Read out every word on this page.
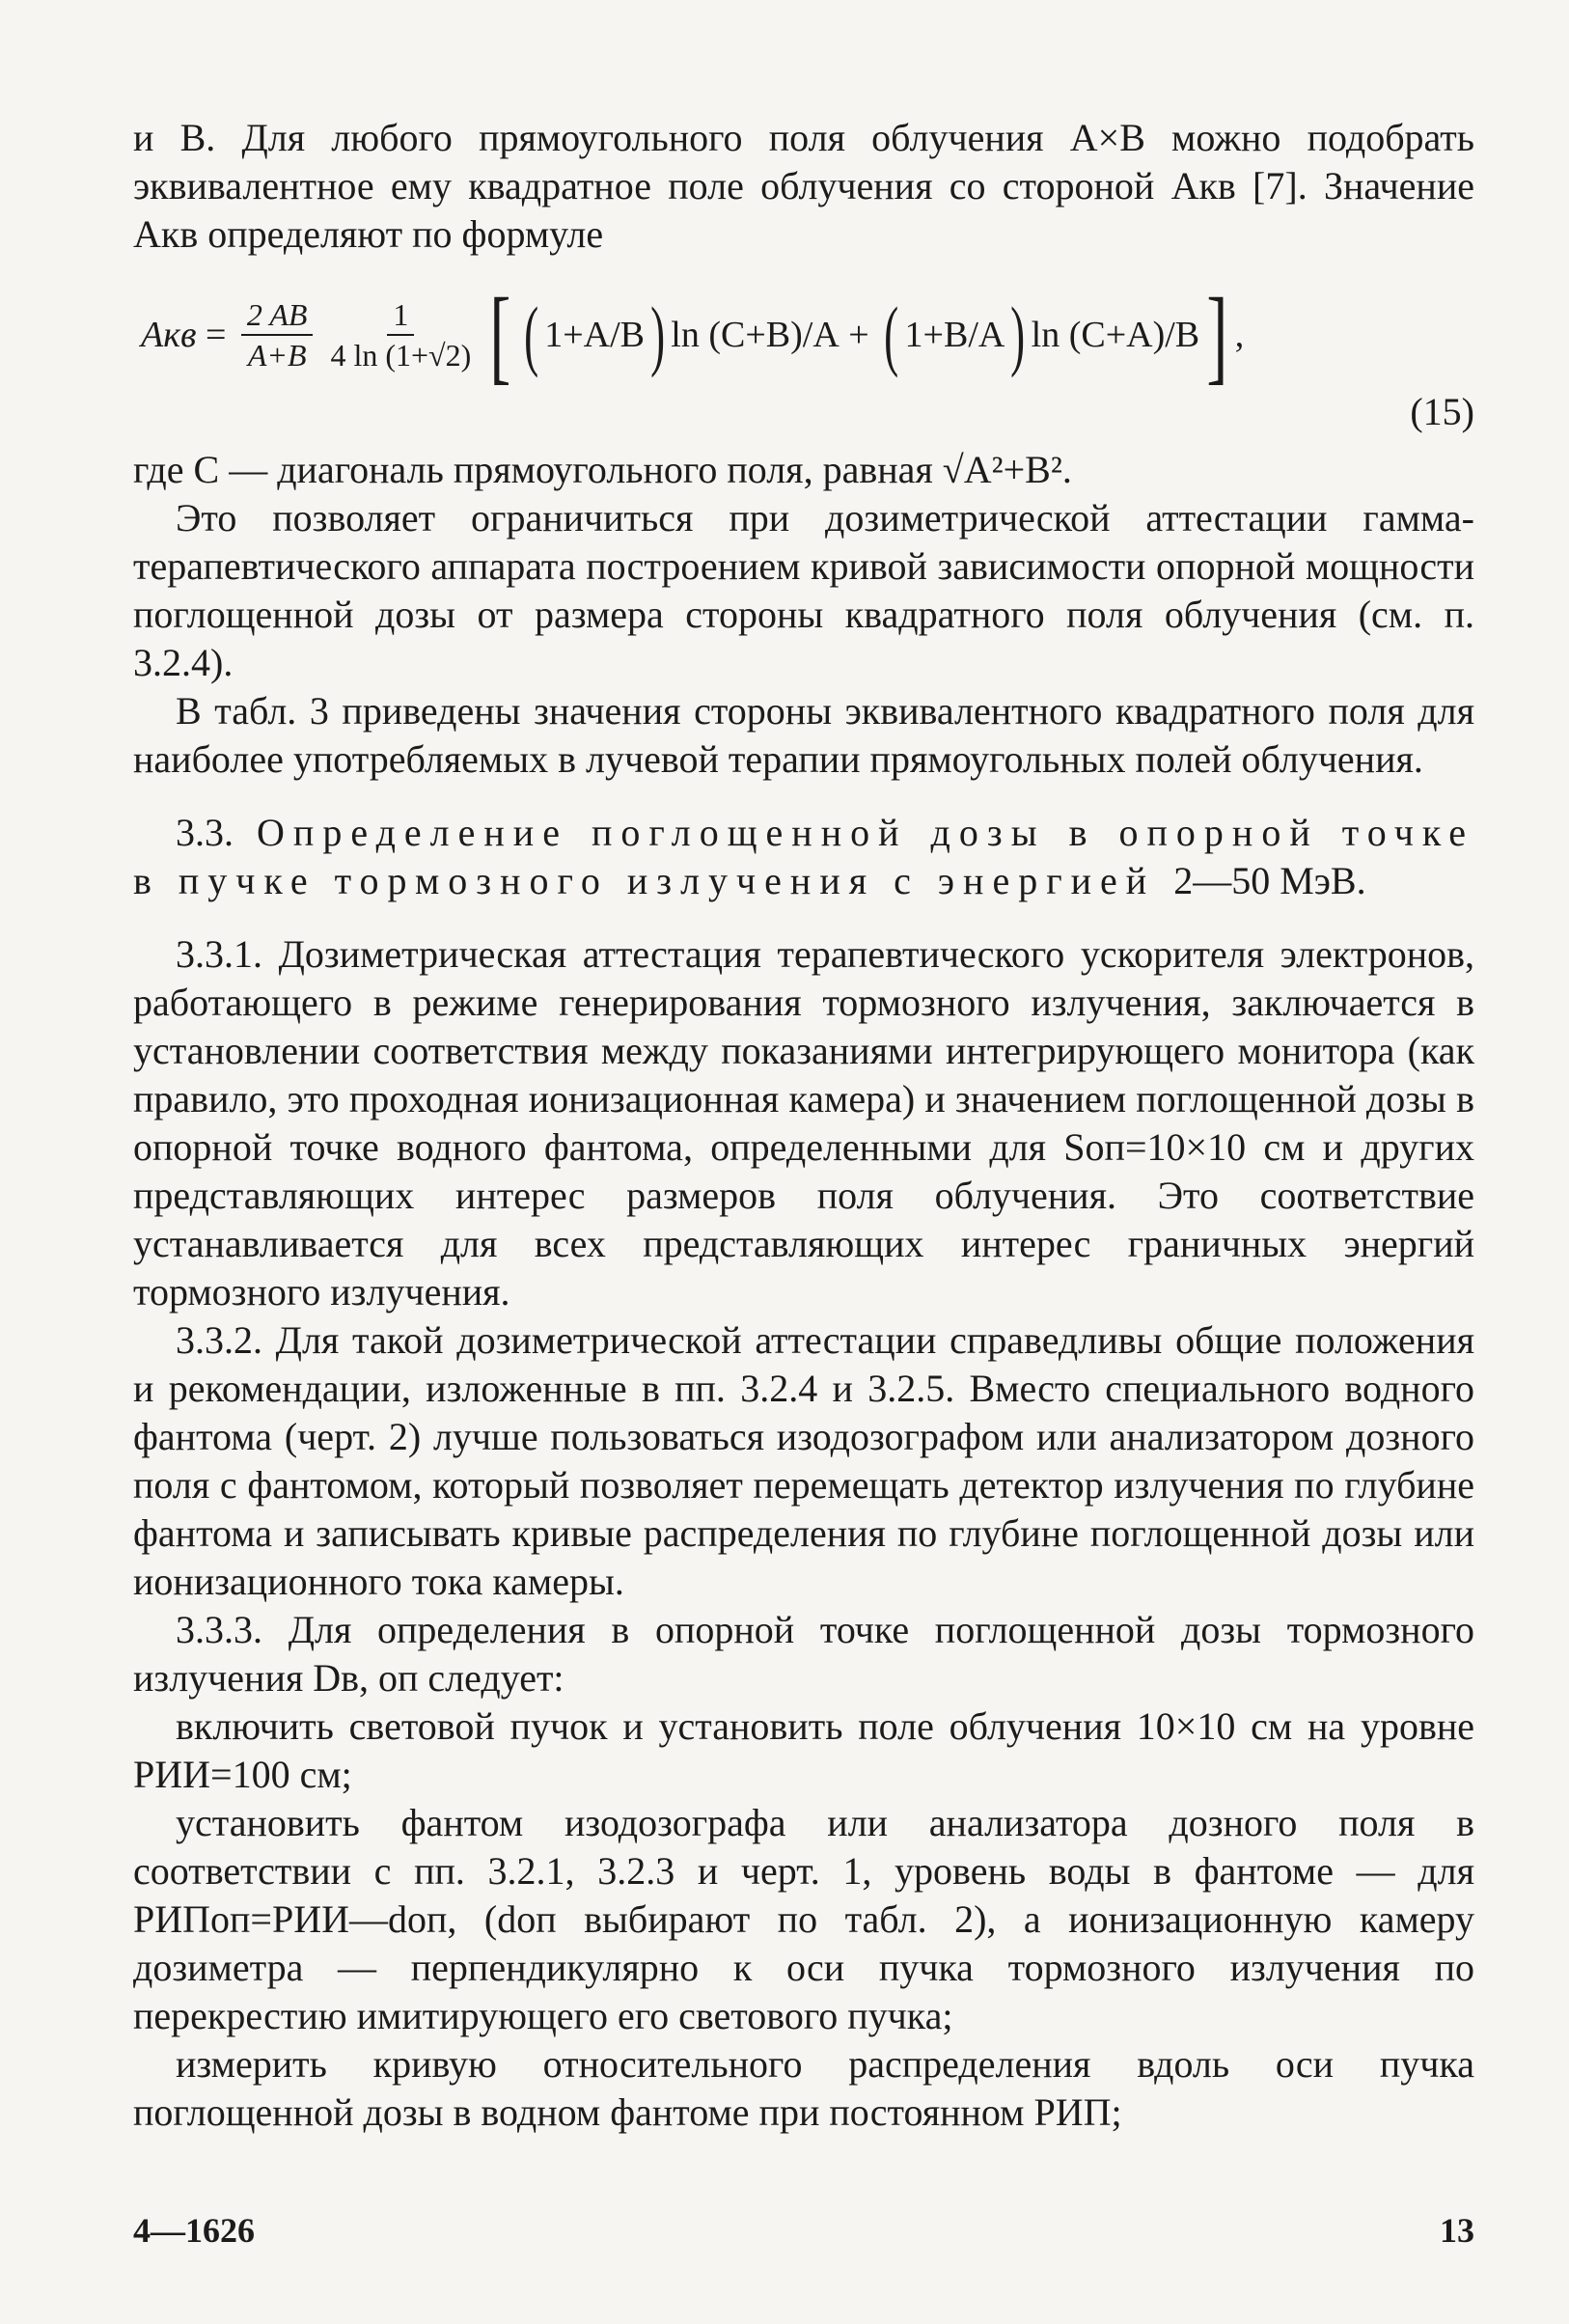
и B. Для любого прямоугольного поля облучения A×B можно подобрать эквивалентное ему квадратное поле облучения со стороной Aкв [7]. Значение Aкв определяют по формуле

Aкв = $\frac{2 AB}{A+B} \frac{1}{4 \ln (1+√2)}$ [ ( 1+A/B ) ln (C+B)/A + ( 1+B/A ) ln (C+A)/B ] ,
(15)

где C — диагональ прямоугольного поля, равная √A²+B².

Это позволяет ограничиться при дозиметрической аттестации гамма-терапевтического аппарата построением кривой зависимости опорной мощности поглощенной дозы от размера стороны квадратного поля облучения (см. п. 3.2.4).

В табл. 3 приведены значения стороны эквивалентного квадратного поля для наиболее употребляемых в лучевой терапии прямоугольных полей облучения.

3.3. Определение поглощенной дозы в опорной точке в пучке тормозного излучения с энергией 2—50 МэВ.

3.3.1. Дозиметрическая аттестация терапевтического ускорителя электронов, работающего в режиме генерирования тормозного излучения, заключается в установлении соответствия между показаниями интегрирующего монитора (как правило, это проходная ионизационная камера) и значением поглощенной дозы в опорной точке водного фантома, определенными для Sоп=10×10 см и других представляющих интерес размеров поля облучения. Это соответствие устанавливается для всех представляющих интерес граничных энергий тормозного излучения.

3.3.2. Для такой дозиметрической аттестации справедливы общие положения и рекомендации, изложенные в пп. 3.2.4 и 3.2.5. Вместо специального водного фантома (черт. 2) лучше пользоваться изодозографом или анализатором дозного поля с фантомом, который позволяет перемещать детектор излучения по глубине фантома и записывать кривые распределения по глубине поглощенной дозы или ионизационного тока камеры.

3.3.3. Для определения в опорной точке поглощенной дозы тормозного излучения Dв, оп следует:

включить световой пучок и установить поле облучения 10×10 см на уровне РИИ=100 см;

установить фантом изодозографа или анализатора дозного поля в соответствии с пп. 3.2.1, 3.2.3 и черт. 1, уровень воды в фантоме — для РИПоп=РИИ—dоп, (dоп выбирают по табл. 2), а ионизационную камеру дозиметра — перпендикулярно к оси пучка тормозного излучения по перекрестию имитирующего его светового пучка;

измерить кривую относительного распределения вдоль оси пучка поглощенной дозы в водном фантоме при постоянном РИП;

4—1626	13
